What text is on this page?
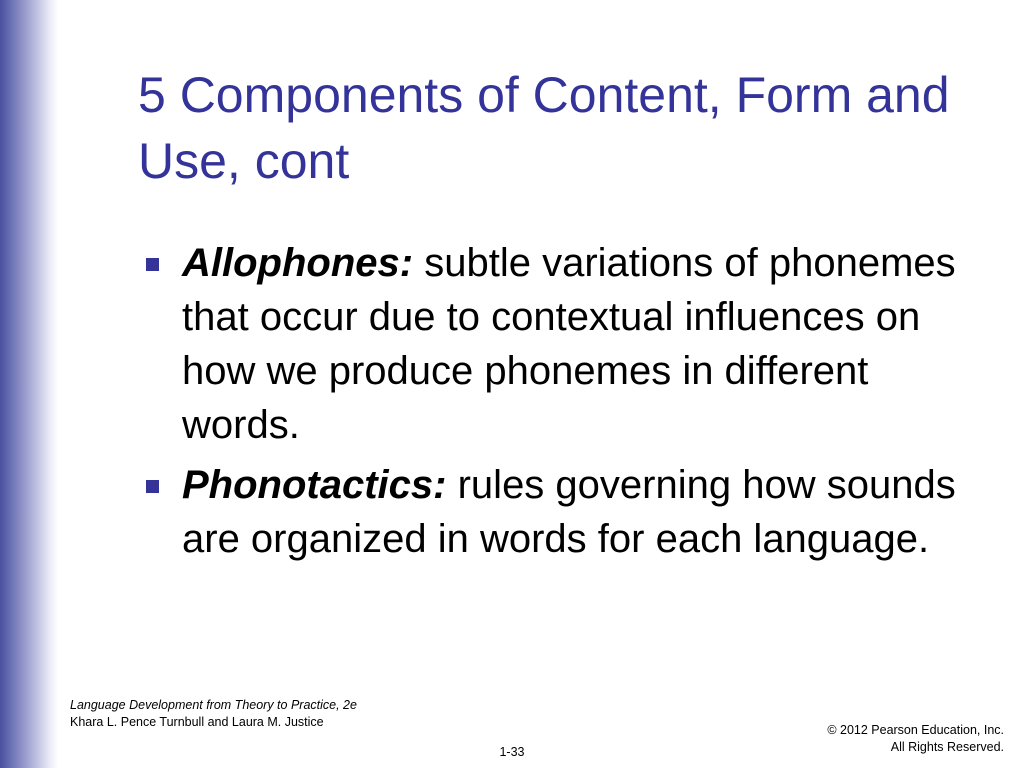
5 Components of Content, Form and Use, cont
Allophones: subtle variations of phonemes that occur due to contextual influences on how we produce phonemes in different words.
Phonotactics: rules governing how sounds are organized in words for each language.
Language Development from Theory to Practice, 2e
Khara L. Pence Turnbull and Laura M. Justice
1-33
© 2012 Pearson Education, Inc.
All Rights Reserved.
